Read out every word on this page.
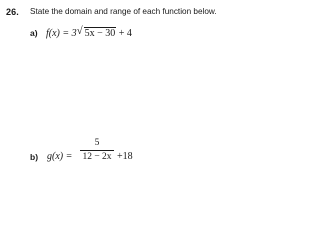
26. State the domain and range of each function below.
a) f(x) = 3 √ 5x − 30 + 4
b) g(x) =
5
12 − 2x +18
